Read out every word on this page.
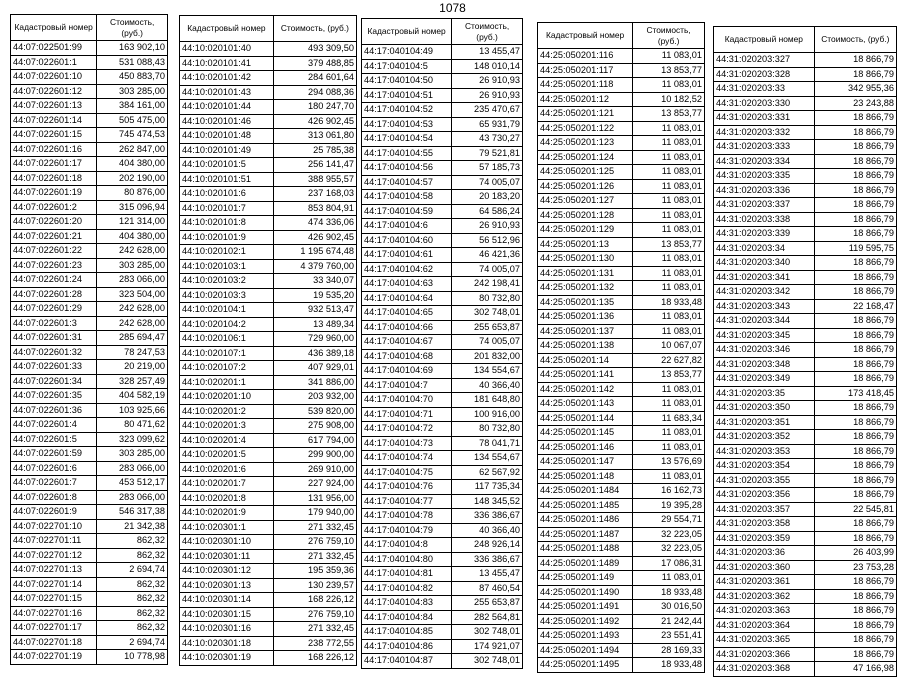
1078
Кадастровый номер	Стоимость, (руб.)
44:07:022501:99	163 902,10
44:07:022601:1	531 088,43
44:07:022601:10	450 883,70
44:07:022601:12	303 285,00
44:07:022601:13	384 161,00
44:07:022601:14	505 475,00
44:07:022601:15	745 474,53
44:07:022601:16	262 847,00
44:07:022601:17	404 380,00
44:07:022601:18	202 190,00
44:07:022601:19	80 876,00
44:07:022601:2	315 096,94
44:07:022601:20	121 314,00
44:07:022601:21	404 380,00
44:07:022601:22	242 628,00
44:07:022601:23	303 285,00
44:07:022601:24	283 066,00
44:07:022601:28	323 504,00
44:07:022601:29	242 628,00
44:07:022601:3	242 628,00
44:07:022601:31	285 694,47
44:07:022601:32	78 247,53
44:07:022601:33	20 219,00
44:07:022601:34	328 257,49
44:07:022601:35	404 582,19
44:07:022601:36	103 925,66
44:07:022601:4	80 471,62
44:07:022601:5	323 099,62
44:07:022601:59	303 285,00
44:07:022601:6	283 066,00
44:07:022601:7	453 512,17
44:07:022601:8	283 066,00
44:07:022601:9	546 317,38
44:07:022701:10	21 342,38
44:07:022701:11	862,32
44:07:022701:12	862,32
44:07:022701:13	2 694,74
44:07:022701:14	862,32
44:07:022701:15	862,32
44:07:022701:16	862,32
44:07:022701:17	862,32
44:07:022701:18	2 694,74
44:07:022701:19	10 778,98
Кадастровый номер	Стоимость, (руб.)
44:10:020101:40	493 309,50
44:10:020101:41	379 488,85
44:10:020101:42	284 601,64
44:10:020101:43	294 088,36
44:10:020101:44	180 247,70
44:10:020101:46	426 902,45
44:10:020101:48	313 061,80
44:10:020101:49	25 785,38
44:10:020101:5	256 141,47
44:10:020101:51	388 955,57
44:10:020101:6	237 168,03
44:10:020101:7	853 804,91
44:10:020101:8	474 336,06
44:10:020101:9	426 902,45
44:10:020102:1	1 195 674,48
44:10:020103:1	4 379 760,00
44:10:020103:2	33 340,07
44:10:020103:3	19 535,20
44:10:020104:1	932 513,47
44:10:020104:2	13 489,34
44:10:020106:1	729 960,00
44:10:020107:1	436 389,18
44:10:020107:2	407 929,01
44:10:020201:1	341 886,00
44:10:020201:10	203 932,00
44:10:020201:2	539 820,00
44:10:020201:3	275 908,00
44:10:020201:4	617 794,00
44:10:020201:5	299 900,00
44:10:020201:6	269 910,00
44:10:020201:7	227 924,00
44:10:020201:8	131 956,00
44:10:020201:9	179 940,00
44:10:020301:1	271 332,45
44:10:020301:10	276 759,10
44:10:020301:11	271 332,45
44:10:020301:12	195 359,36
44:10:020301:13	130 239,57
44:10:020301:14	168 226,12
44:10:020301:15	276 759,10
44:10:020301:16	271 332,45
44:10:020301:18	238 772,55
44:10:020301:19	168 226,12
Кадастровый номер	Стоимость, (руб.)
44:17:040104:49	13 455,47
44:17:040104:5	148 010,14
44:17:040104:50	26 910,93
44:17:040104:51	26 910,93
44:17:040104:52	235 470,67
44:17:040104:53	65 931,79
44:17:040104:54	43 730,27
44:17:040104:55	79 521,81
44:17:040104:56	57 185,73
44:17:040104:57	74 005,07
44:17:040104:58	20 183,20
44:17:040104:59	64 586,24
44:17:040104:6	26 910,93
44:17:040104:60	56 512,96
44:17:040104:61	46 421,36
44:17:040104:62	74 005,07
44:17:040104:63	242 198,41
44:17:040104:64	80 732,80
44:17:040104:65	302 748,01
44:17:040104:66	255 653,87
44:17:040104:67	74 005,07
44:17:040104:68	201 832,00
44:17:040104:69	134 554,67
44:17:040104:7	40 366,40
44:17:040104:70	181 648,80
44:17:040104:71	100 916,00
44:17:040104:72	80 732,80
44:17:040104:73	78 041,71
44:17:040104:74	134 554,67
44:17:040104:75	62 567,92
44:17:040104:76	117 735,34
44:17:040104:77	148 345,52
44:17:040104:78	336 386,67
44:17:040104:79	40 366,40
44:17:040104:8	248 926,14
44:17:040104:80	336 386,67
44:17:040104:81	13 455,47
44:17:040104:82	87 460,54
44:17:040104:83	255 653,87
44:17:040104:84	282 564,81
44:17:040104:85	302 748,01
44:17:040104:86	174 921,07
44:17:040104:87	302 748,01
Кадастровый номер	Стоимость, (руб.)
44:25:050201:116	11 083,01
44:25:050201:117	13 853,77
44:25:050201:118	11 083,01
44:25:050201:12	10 182,52
44:25:050201:121	13 853,77
44:25:050201:122	11 083,01
44:25:050201:123	11 083,01
44:25:050201:124	11 083,01
44:25:050201:125	11 083,01
44:25:050201:126	11 083,01
44:25:050201:127	11 083,01
44:25:050201:128	11 083,01
44:25:050201:129	11 083,01
44:25:050201:13	13 853,77
44:25:050201:130	11 083,01
44:25:050201:131	11 083,01
44:25:050201:132	11 083,01
44:25:050201:135	18 933,48
44:25:050201:136	11 083,01
44:25:050201:137	11 083,01
44:25:050201:138	10 067,07
44:25:050201:14	22 627,82
44:25:050201:141	13 853,77
44:25:050201:142	11 083,01
44:25:050201:143	11 083,01
44:25:050201:144	11 683,34
44:25:050201:145	11 083,01
44:25:050201:146	11 083,01
44:25:050201:147	13 576,69
44:25:050201:148	11 083,01
44:25:050201:1484	16 162,73
44:25:050201:1485	19 395,28
44:25:050201:1486	29 554,71
44:25:050201:1487	32 223,05
44:25:050201:1488	32 223,05
44:25:050201:1489	17 086,31
44:25:050201:149	11 083,01
44:25:050201:1490	18 933,48
44:25:050201:1491	30 016,50
44:25:050201:1492	21 242,44
44:25:050201:1493	23 551,41
44:25:050201:1494	28 169,33
44:25:050201:1495	18 933,48
Кадастровый номер	Стоимость, (руб.)
44:31:020203:327	18 866,79
44:31:020203:328	18 866,79
44:31:020203:33	342 955,36
44:31:020203:330	23 243,88
44:31:020203:331	18 866,79
44:31:020203:332	18 866,79
44:31:020203:333	18 866,79
44:31:020203:334	18 866,79
44:31:020203:335	18 866,79
44:31:020203:336	18 866,79
44:31:020203:337	18 866,79
44:31:020203:338	18 866,79
44:31:020203:339	18 866,79
44:31:020203:34	119 595,75
44:31:020203:340	18 866,79
44:31:020203:341	18 866,79
44:31:020203:342	18 866,79
44:31:020203:343	22 168,47
44:31:020203:344	18 866,79
44:31:020203:345	18 866,79
44:31:020203:346	18 866,79
44:31:020203:348	18 866,79
44:31:020203:349	18 866,79
44:31:020203:35	173 418,45
44:31:020203:350	18 866,79
44:31:020203:351	18 866,79
44:31:020203:352	18 866,79
44:31:020203:353	18 866,79
44:31:020203:354	18 866,79
44:31:020203:355	18 866,79
44:31:020203:356	18 866,79
44:31:020203:357	22 545,81
44:31:020203:358	18 866,79
44:31:020203:359	18 866,79
44:31:020203:36	26 403,99
44:31:020203:360	23 753,28
44:31:020203:361	18 866,79
44:31:020203:362	18 866,79
44:31:020203:363	18 866,79
44:31:020203:364	18 866,79
44:31:020203:365	18 866,79
44:31:020203:366	18 866,79
44:31:020203:368	47 166,98
